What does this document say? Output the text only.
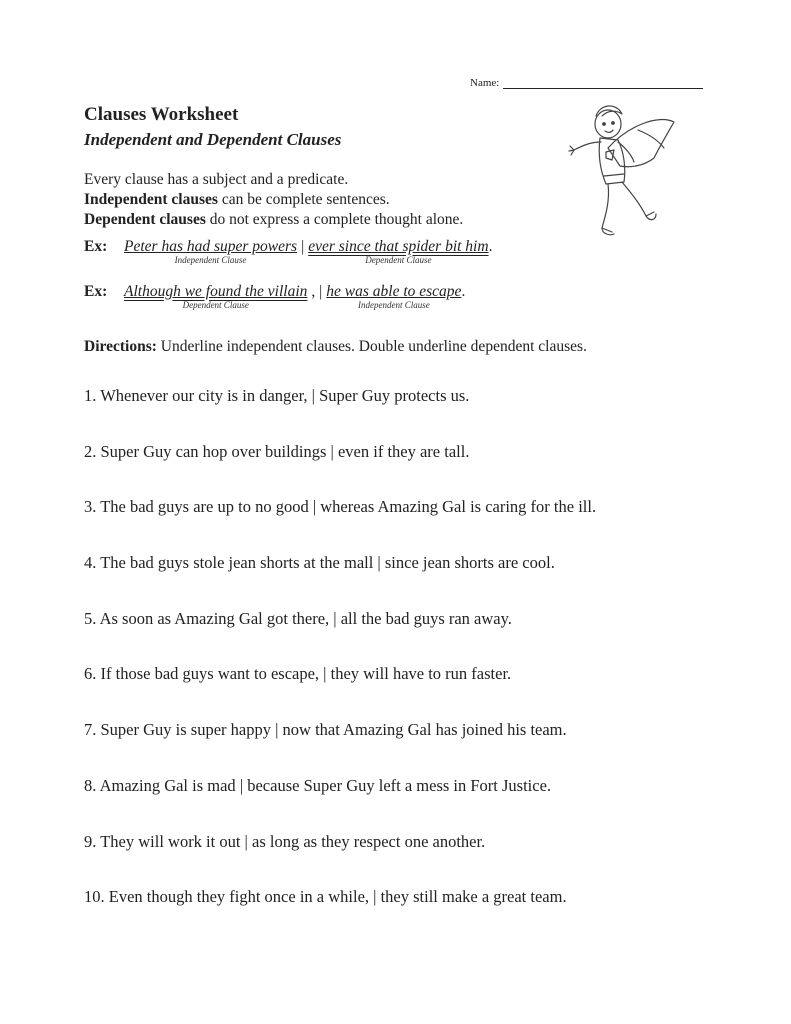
Name:
Clauses Worksheet
Independent and Dependent Clauses
Every clause has a subject and a predicate.
Independent clauses can be complete sentences.
Dependent clauses do not express a complete thought alone.
Ex: Peter has had super powers
Independent Clause
| ever since that spider bit him
Dependent Clause
.
Ex: Although we found the villain
Dependent Clause
, | he was able to escape
Independent Clause
.
Directions: Underline independent clauses. Double underline dependent clauses.
1. Whenever our city is in danger, | Super Guy protects us.
2. Super Guy can hop over buildings | even if they are tall.
3. The bad guys are up to no good | whereas Amazing Gal is caring for the ill.
4. The bad guys stole jean shorts at the mall | since jean shorts are cool.
5. As soon as Amazing Gal got there, | all the bad guys ran away.
6. If those bad guys want to escape, | they will have to run faster.
7. Super Guy is super happy | now that Amazing Gal has joined his team.
8. Amazing Gal is mad | because Super Guy left a mess in Fort Justice.
9. They will work it out | as long as they respect one another.
10. Even though they fight once in a while, | they still make a great team.
